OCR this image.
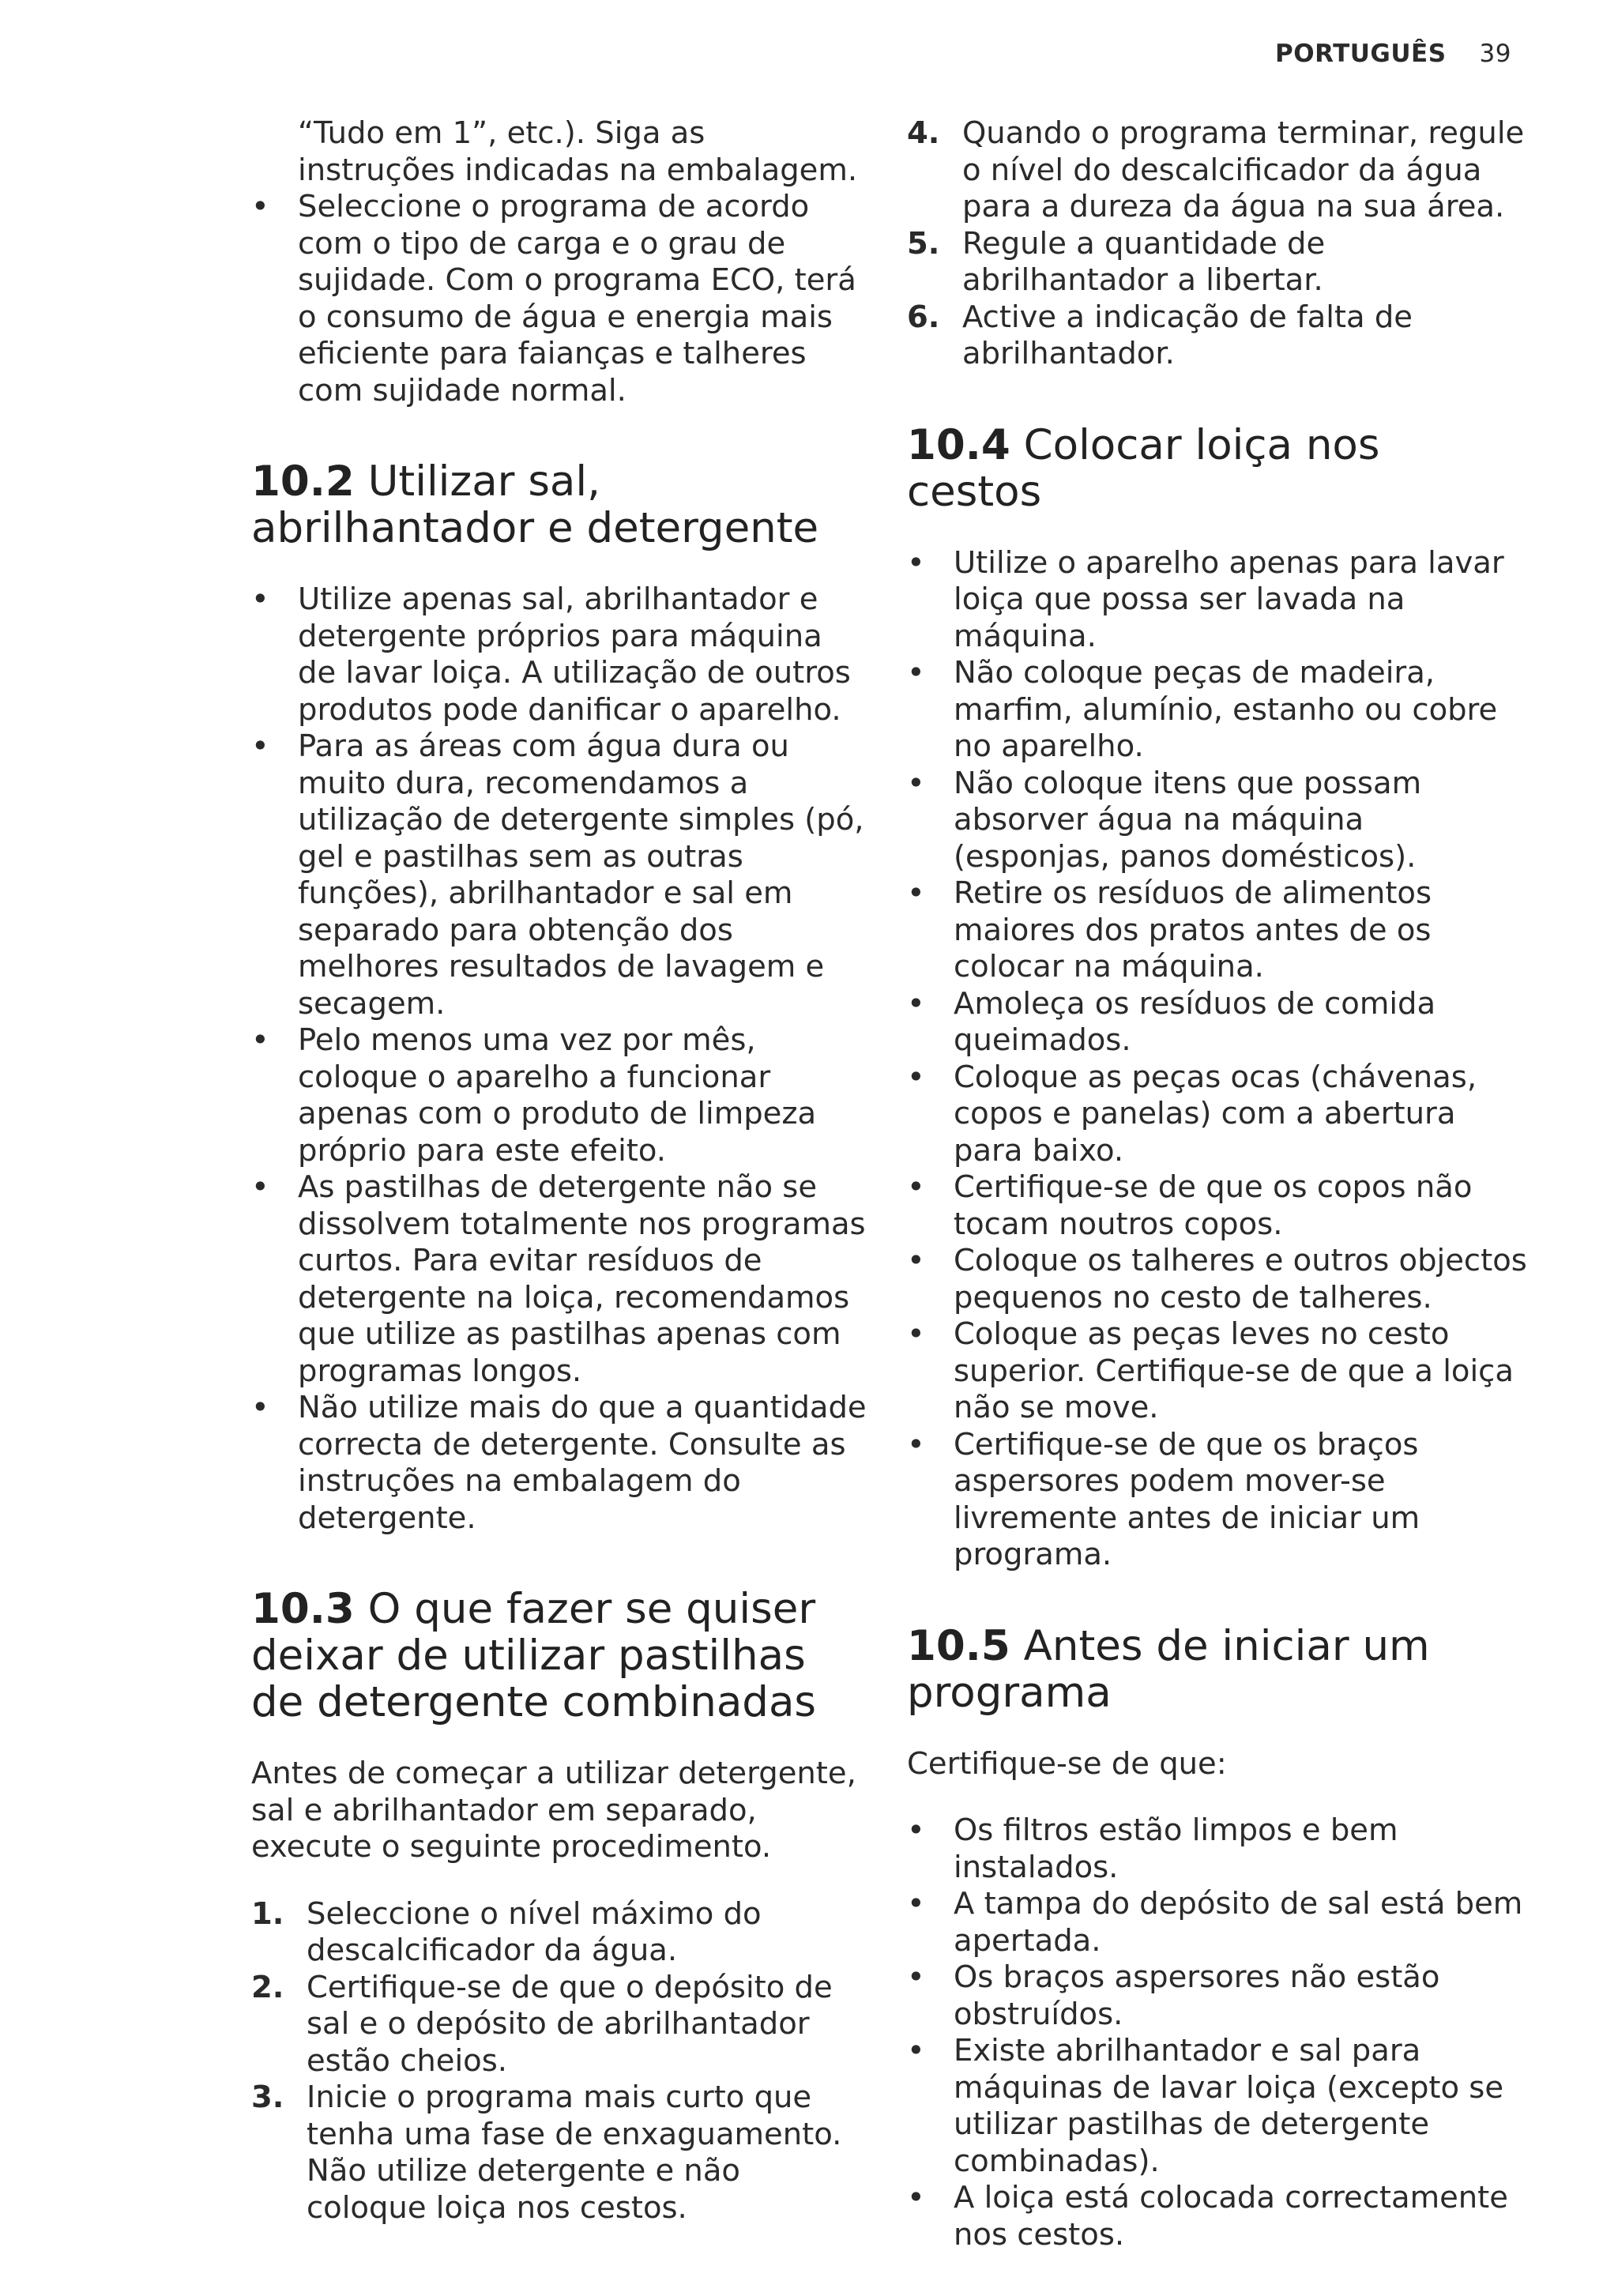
PORTUGUÊS 39
“Tudo em 1”, etc.). Siga as instruções indicadas na embalagem.
• Seleccione o programa de acordo com o tipo de carga e o grau de sujidade. Com o programa ECO, terá o consumo de água e energia mais eficiente para faianças e talheres com sujidade normal.
10.2 Utilizar sal, abrilhantador e detergente
• Utilize apenas sal, abrilhantador e detergente próprios para máquina de lavar loiça. A utilização de outros produtos pode danificar o aparelho.
• Para as áreas com água dura ou muito dura, recomendamos a utilização de detergente simples (pó, gel e pastilhas sem as outras funções), abrilhantador e sal em separado para obtenção dos melhores resultados de lavagem e secagem.
• Pelo menos uma vez por mês, coloque o aparelho a funcionar apenas com o produto de limpeza próprio para este efeito.
• As pastilhas de detergente não se dissolvem totalmente nos programas curtos. Para evitar resíduos de detergente na loiça, recomendamos que utilize as pastilhas apenas com programas longos.
• Não utilize mais do que a quantidade correcta de detergente. Consulte as instruções na embalagem do detergente.
10.3 O que fazer se quiser deixar de utilizar pastilhas de detergente combinadas
Antes de começar a utilizar detergente, sal e abrilhantador em separado, execute o seguinte procedimento.
1. Seleccione o nível máximo do descalcificador da água.
2. Certifique-se de que o depósito de sal e o depósito de abrilhantador estão cheios.
3. Inicie o programa mais curto que tenha uma fase de enxaguamento. Não utilize detergente e não coloque loiça nos cestos.
4. Quando o programa terminar, regule o nível do descalcificador da água para a dureza da água na sua área.
5. Regule a quantidade de abrilhantador a libertar.
6. Active a indicação de falta de abrilhantador.
10.4 Colocar loiça nos cestos
• Utilize o aparelho apenas para lavar loiça que possa ser lavada na máquina.
• Não coloque peças de madeira, marfim, alumínio, estanho ou cobre no aparelho.
• Não coloque itens que possam absorver água na máquina (esponjas, panos domésticos).
• Retire os resíduos de alimentos maiores dos pratos antes de os colocar na máquina.
• Amoleça os resíduos de comida queimados.
• Coloque as peças ocas (chávenas, copos e panelas) com a abertura para baixo.
• Certifique-se de que os copos não tocam noutros copos.
• Coloque os talheres e outros objectos pequenos no cesto de talheres.
• Coloque as peças leves no cesto superior. Certifique-se de que a loiça não se move.
• Certifique-se de que os braços aspersores podem mover-se livremente antes de iniciar um programa.
10.5 Antes de iniciar um programa
Certifique-se de que:
• Os filtros estão limpos e bem instalados.
• A tampa do depósito de sal está bem apertada.
• Os braços aspersores não estão obstruídos.
• Existe abrilhantador e sal para máquinas de lavar loiça (excepto se utilizar pastilhas de detergente combinadas).
• A loiça está colocada correctamente nos cestos.
